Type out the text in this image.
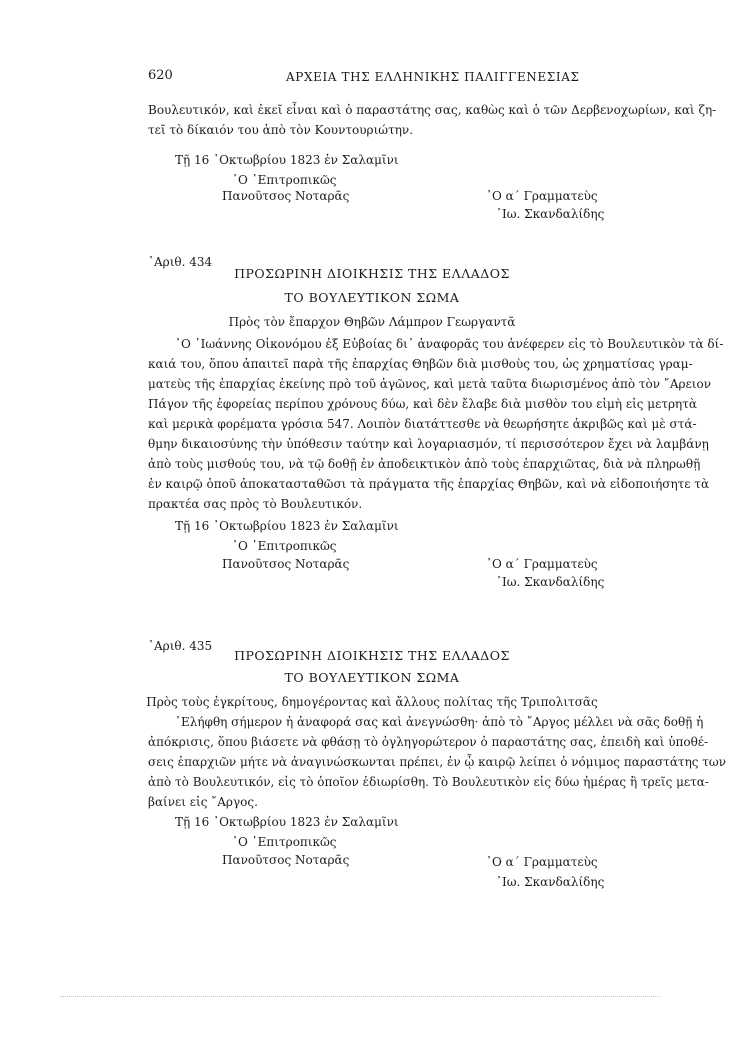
620	ΑΡΧΕΙΑ ΤΗΣ ΕΛΛΗΝΙΚΗΣ ΠΑΛΙΓΓΕΝΕΣΙΑΣ
Βουλευτικόν, καὶ ἐκεῖ εἶναι καὶ ὁ παραστάτης σας, καθὼς καὶ ὁ τῶν Δερβενοχωρίων, καὶ ζη-
τεῖ τὸ δίκαιόν του ἀπὸ τὸν Κουντουριώτην.
Τῇ 16 ᾿Οκτωβρίου 1823 ἐν Σαλαμῖνι
᾿Ο ᾿Επιτροπικῶς
Πανοῦτσος Νοταρᾶς	᾿Ο α´ Γραμματεὺς
᾿Ιω. Σκανδαλίδης
᾿Αριθ. 434
ΠΡΟΣΩΡΙΝΗ ΔΙΟΙΚΗΣΙΣ ΤΗΣ ΕΛΛΑΔΟΣ
ΤΟ ΒΟΥΛΕΥΤΙΚΟΝ ΣΩΜΑ
Πρὸς τὸν ἔπαρχον Θηβῶν Λάμπρον Γεωργαντᾶ
᾿Ο ᾿Ιωάννης Οἰκονόμου ἐξ Εὐβοίας δι᾿ ἀναφορᾶς του ἀνέφερεν εἰς τὸ Βουλευτικὸν τὰ δί-
καιά του, ὅπου ἀπαιτεῖ παρὰ τῆς ἐπαρχίας Θηβῶν διὰ μισθοὺς του, ὡς χρηματίσας γραμ-
ματεὺς τῆς ἐπαρχίας ἐκείνης πρὸ τοῦ ἀγῶνος, καὶ μετὰ ταῦτα διωρισμένος ἀπὸ τὸν ῎Αρειον
Πάγον τῆς ἐφορείας περίπου χρόνους δύω, καὶ δὲν ἔλαβε διὰ μισθὸν του εἰμὴ εἰς μετρητὰ
καὶ μερικὰ φορέματα γρόσια 547. Λοιπὸν διατάττεσθε νὰ θεωρήσητε ἀκριβῶς καὶ μὲ στά-
θμην δικαιοσύνης τὴν ὑπόθεσιν ταύτην καὶ λογαριασμόν, τί περισσότερον ἔχει νὰ λαμβάνῃ
ἀπὸ τοὺς μισθούς του, νὰ τῷ δοθῇ ἐν ἀποδεικτικὸν ἀπὸ τοὺς ἐπαρχιῶτας, διὰ νὰ πληρωθῇ
ἐν καιρῷ ὁποῦ ἀποκατασταθῶσι τὰ πράγματα τῆς ἐπαρχίας Θηβῶν, καὶ νὰ εἰδοποιήσητε τὰ
πρακτέα σας πρὸς τὸ Βουλευτικόν.
Τῇ 16 ᾿Οκτωβρίου 1823 ἐν Σαλαμῖνι
᾿Ο ᾿Επιτροπικῶς
Πανοῦτσος Νοταρᾶς	᾿Ο α´ Γραμματεὺς
᾿Ιω. Σκανδαλίδης
᾿Αριθ. 435
ΠΡΟΣΩΡΙΝΗ ΔΙΟΙΚΗΣΙΣ ΤΗΣ ΕΛΛΑΔΟΣ
ΤΟ ΒΟΥΛΕΥΤΙΚΟΝ ΣΩΜΑ
Πρὸς τοὺς ἐγκρίτους, δημογέροντας καὶ ἄλλους πολίτας τῆς Τριπολιτσᾶς
᾿Ελήφθη σήμερον ἡ ἀναφορά σας καὶ ἀνεγνώσθη· ἀπὸ τὸ ῎Αργος μέλλει νὰ σᾶς δοθῇ ἡ
ἀπόκρισις, ὅπου βιάσετε νὰ φθάσῃ τὸ ὀγληγορώτερον ὁ παραστάτης σας, ἐπειδὴ καὶ ὑποθέ-
σεις ἐπαρχιῶν μήτε νὰ ἀναγινώσκωνται πρέπει, ἐν ᾧ καιρῷ λείπει ὁ νόμιμος παραστάτης των
ἀπὸ τὸ Βουλευτικόν, εἰς τὸ ὁποῖον ἐδιωρίσθη. Τὸ Βουλευτικὸν εἰς δύω ἡμέρας ἢ τρεῖς μετα-
βαίνει εἰς ῎Αργος.
Τῇ 16 ᾿Οκτωβρίου 1823 ἐν Σαλαμῖνι
᾿Ο ᾿Επιτροπικῶς
Πανοῦτσος Νοταρᾶς	᾿Ο α´ Γραμματεὺς
᾿Ιω. Σκανδαλίδης
